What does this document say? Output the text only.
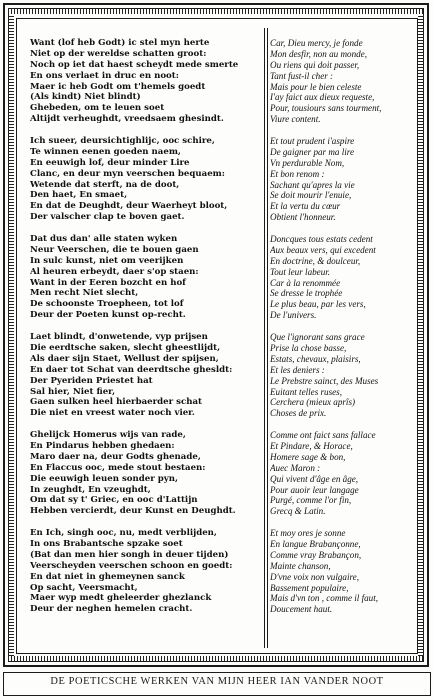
Want (lof heb Godt) ic stel myn herte
Niet op der wereldse schatten groot:
Noch op iet dat haest scheydt mede smerte
En ons verlaet in druc en noot:
Maer ic heb Godt om t'hemels goedt
(Als kindt) Niet blindt)
Ghebeden, om te leuen soet
Altijdt verheughdt, vreedsaem ghesindt.
Ich sueer, deursichtighlijc, ooc schire,
Te winnen eenen goeden naem,
En eeuwigh lof, deur minder Lire
Clanc, en deur myn veerschen bequaem:
Wetende dat sterft, na de doot,
Den haet, En smaet,
En dat de Deughdt, deur Waerheyt bloot,
Der valscher clap te boven gaet.
Dat dus dan' alle staten wyken
Neur Veerschen, die te bouen gaen
In sulc kunst, niet om veerijken
Al heuren erbeydt, daer s'op staen:
Want in der Eeren bozcht en hof
Men recht Niet slecht,
De schoonste Troepheen, tot lof
Deur der Poeten kunst op-recht.
Laet blindt, d'onwetende, vyp prijsen
Die eerdtsche saken, slecht gheestlijdt,
Als daer sijn Staet, Wellust der spijsen,
En daer tot Schat van deerdtsche ghesldt:
Der Pyeriden Priestet hat
Sal hier, Niet fier,
Gaen sulken heel hierbaerder schat
Die niet en vreest water noch vier.
Ghelijck Homerus wijs van rade,
En Pindarus hebben ghedaen:
Maro daer na, deur Godts ghenade,
En Flaccus ooc, mede stout bestaen:
Die eeuwigh leuen sonder pyn,
In zeughdt, En vzeughdt,
Om dat sy t' Griec, en ooc d'Lattijn
Hebben vercierdt, deur Kunst en Deughdt.
En Ich, singh ooc, nu, medt verblijden,
In ons Brabantsche spzake soet
(Bat dan men hier songh in deuer tijden)
Veerscheyden veerschen schoon en goedt:
En dat niet in ghemeynen sanck
Op sacht, Veersmacht,
Maer wyp medt gheleerder ghezlanck
Deur der neghen hemelen cracht.
Car, Dieu mercy, je fonde
Mon desfir, non au monde,
Ou riens qui doit passer,
Tant fust-il cher :
Mais pour le bien celeste
I'ay faict aux dieux requeste,
Pour, tousiours sans tourment,
Viure content.
Et tout prudent i'aspire
De gaigner par ma lire
Vn perdurable Nom,
Et bon renom :
Sachant qu'apres la vie
Se doit mourir l'enuie,
Et la vertu du cœur
Obtient l'honneur.
Doncques tous estats cedent
Aux beaux vers, qui excedent
En doctrine, & doulceur,
Tout leur labeur.
Car à la renommée
Se dresse le trophée
Le plus beau, par les vers,
De l'univers.
Que l'ignorant sans grace
Prise la chose basse,
Estats, chevaux, plaisirs,
Et les deniers :
Le Prebstre sainct, des Muses
Euitant telles ruses,
Cerchera (mieux aprîs)
Choses de prix.
Comme ont faict sans fallace
Et Pindare, & Horace,
Homere sage & bon,
Auec Maron :
Qui vivent d'âge en âge,
Pour auoir leur langage
Purgé, comme l'or fin,
Grecq & Latin.
Et moy ores je sonne
En langue Brabançonne,
Comme vray Brabançon,
Mainte chanson,
D'vne voix non vulgaire,
Bassement populaire,
Mais d'vn ton , comme il faut,
Doucement haut.
DE POETICSCHE WERKEN VAN MIJN HEER IAN VANDER NOOT
